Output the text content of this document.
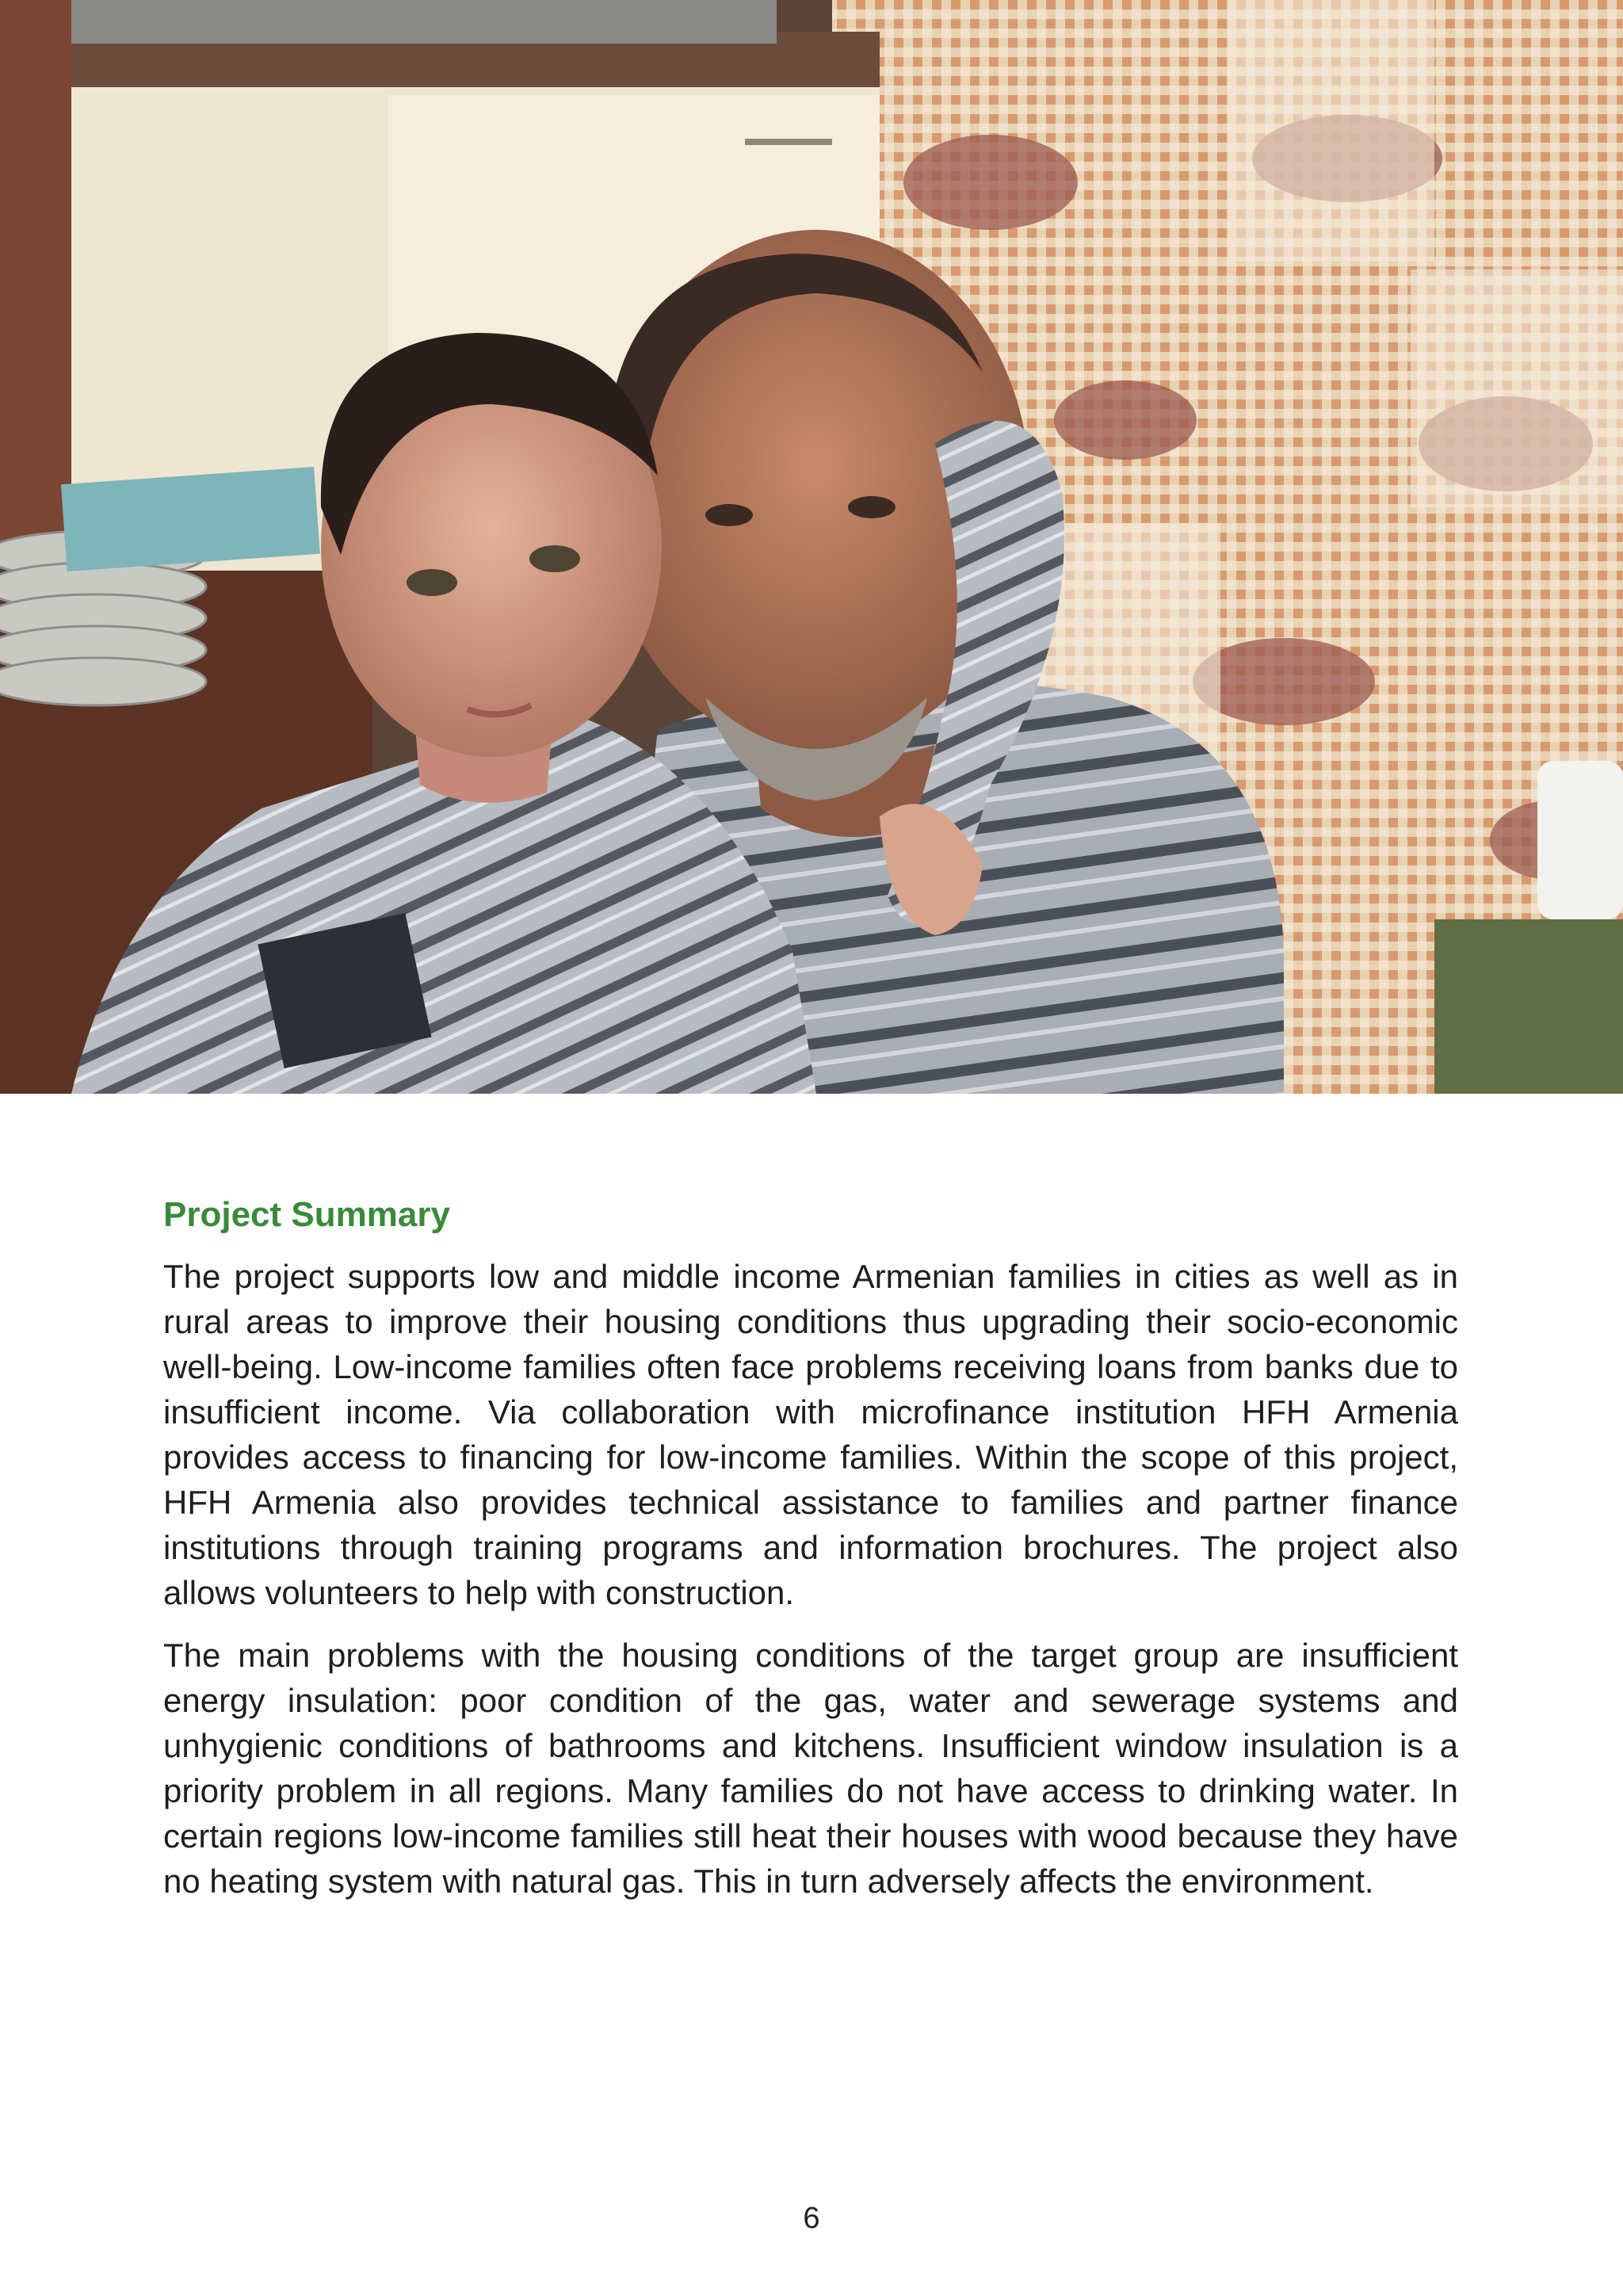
Project Summary

The project supports low and middle income Armenian families in cities as well as in rural areas to improve their housing conditions thus upgrading their socio-economic well-being. Low-income families often face problems receiving loans from banks due to insufficient income. Via collaboration with microfinance institution HFH Armenia provides access to financing for low-income families. Within the scope of this project, HFH Armenia also provides technical assistance to families and partner finance institutions through training programs and information brochures. The project also allows volunteers to help with construction.

The main problems with the housing conditions of the target group are insufficient energy insulation: poor condition of the gas, water and sewerage systems and unhygienic conditions of bathrooms and kitchens. Insufficient window insulation is a priority problem in all regions. Many families do not have access to drinking water. In certain regions low-income families still heat their houses with wood because they have no heating system with natural gas. This in turn adversely affects the environment.

6
